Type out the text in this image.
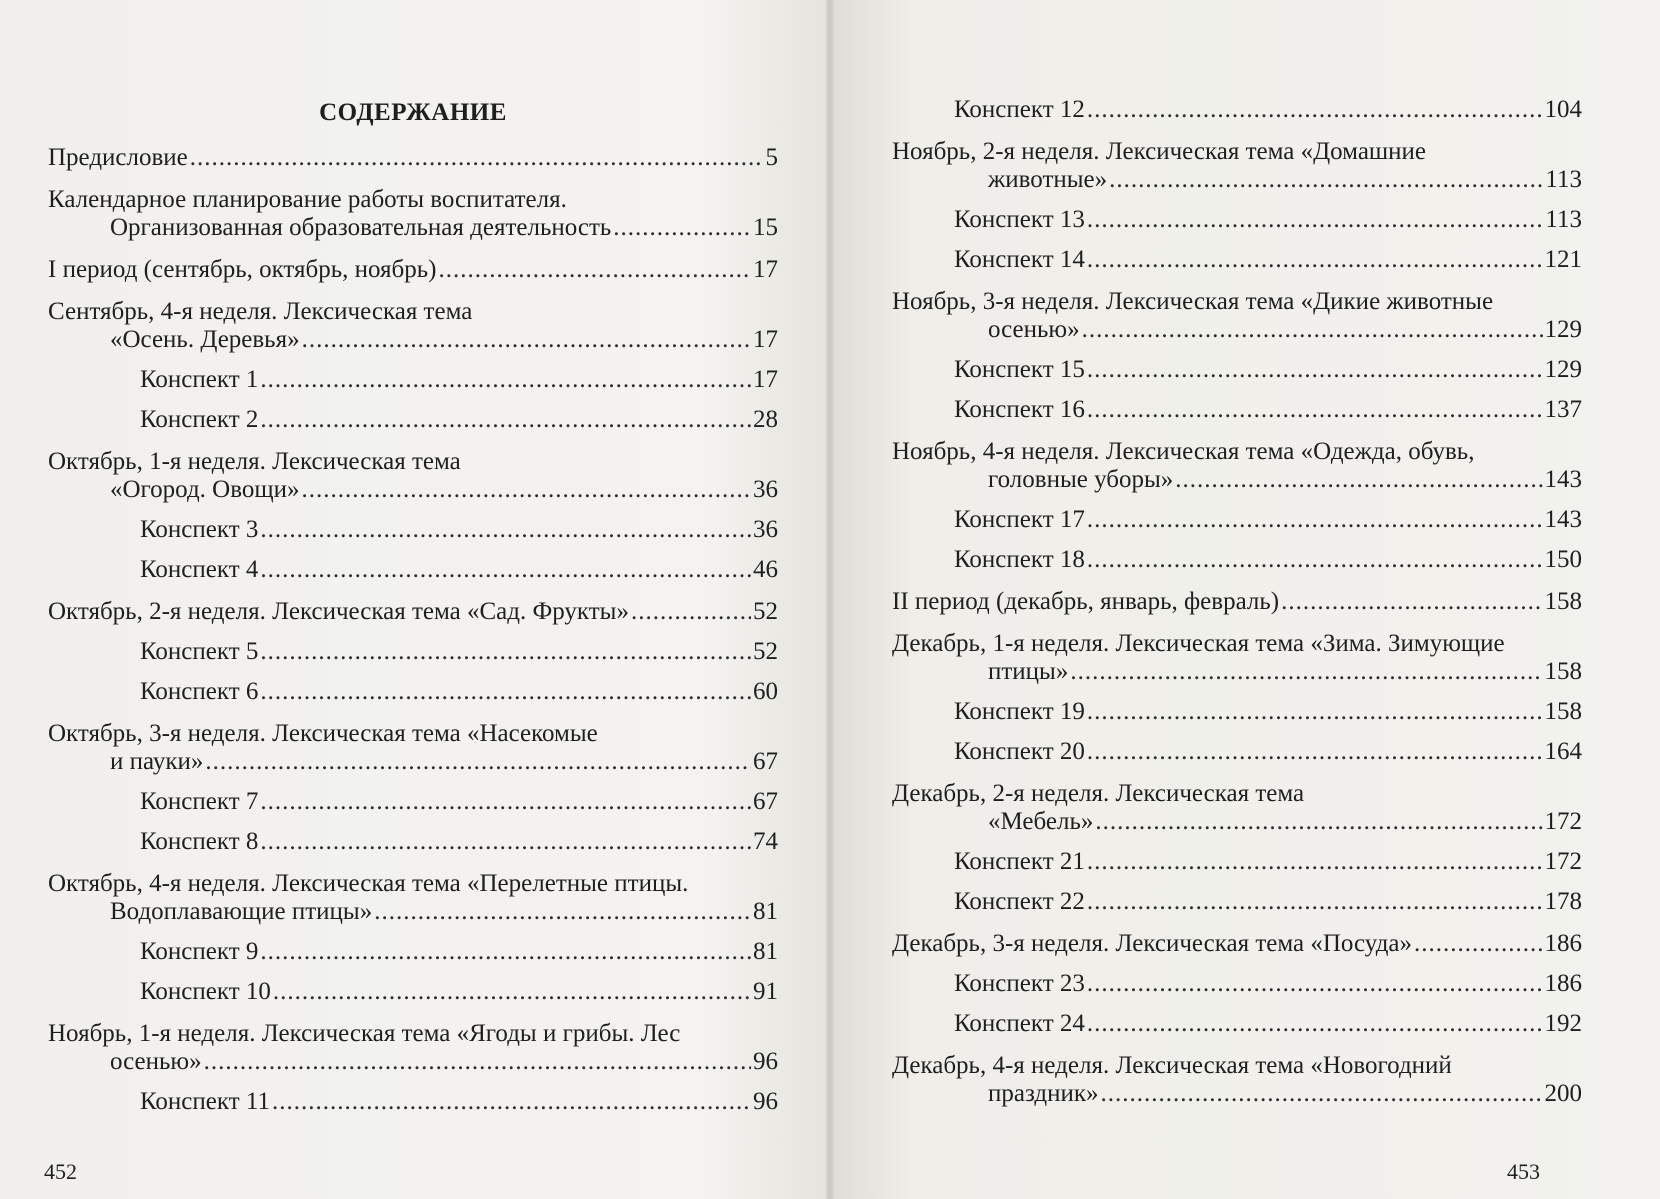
СОДЕРЖАНИЕ
Предисловие .....	5
Календарное планирование работы воспитателя.
Организованная образовательная деятельность .....	15
I период (сентябрь, октябрь, ноябрь) .....	17
Сентябрь, 4-я неделя. Лексическая тема
«Осень. Деревья» .....	17
Конспект 1 .....	17
Конспект 2 .....	28
Октябрь, 1-я неделя. Лексическая тема
«Огород. Овощи» .....	36
Конспект 3 .....	36
Конспект 4 .....	46
Октябрь, 2-я неделя. Лексическая тема «Сад. Фрукты» .....	52
Конспект 5 .....	52
Конспект 6 .....	60
Октябрь, 3-я неделя. Лексическая тема «Насекомые
и пауки» .....	67
Конспект 7 .....	67
Конспект 8 .....	74
Октябрь, 4-я неделя. Лексическая тема «Перелетные птицы.
Водоплавающие птицы» .....	81
Конспект 9 .....	81
Конспект 10 .....	91
Ноябрь, 1-я неделя. Лексическая тема «Ягоды и грибы. Лес
осенью» .....	96
Конспект 11 .....	96
452
Конспект 12 .....	104
Ноябрь, 2-я неделя. Лексическая тема «Домашние
животные» .....	113
Конспект 13 .....	113
Конспект 14 .....	121
Ноябрь, 3-я неделя. Лексическая тема «Дикие животные
осенью» .....	129
Конспект 15 .....	129
Конспект 16 .....	137
Ноябрь, 4-я неделя. Лексическая тема «Одежда, обувь,
головные уборы» .....	143
Конспект 17 .....	143
Конспект 18 .....	150
II период (декабрь, январь, февраль) .....	158
Декабрь, 1-я неделя. Лексическая тема «Зима. Зимующие
птицы» .....	158
Конспект 19 .....	158
Конспект 20 .....	164
Декабрь, 2-я неделя. Лексическая тема
«Мебель» .....	172
Конспект 21 .....	172
Конспект 22 .....	178
Декабрь, 3-я неделя. Лексическая тема «Посуда» .....	186
Конспект 23 .....	186
Конспект 24 .....	192
Декабрь, 4-я неделя. Лексическая тема «Новогодний
праздник» .....	200
453
